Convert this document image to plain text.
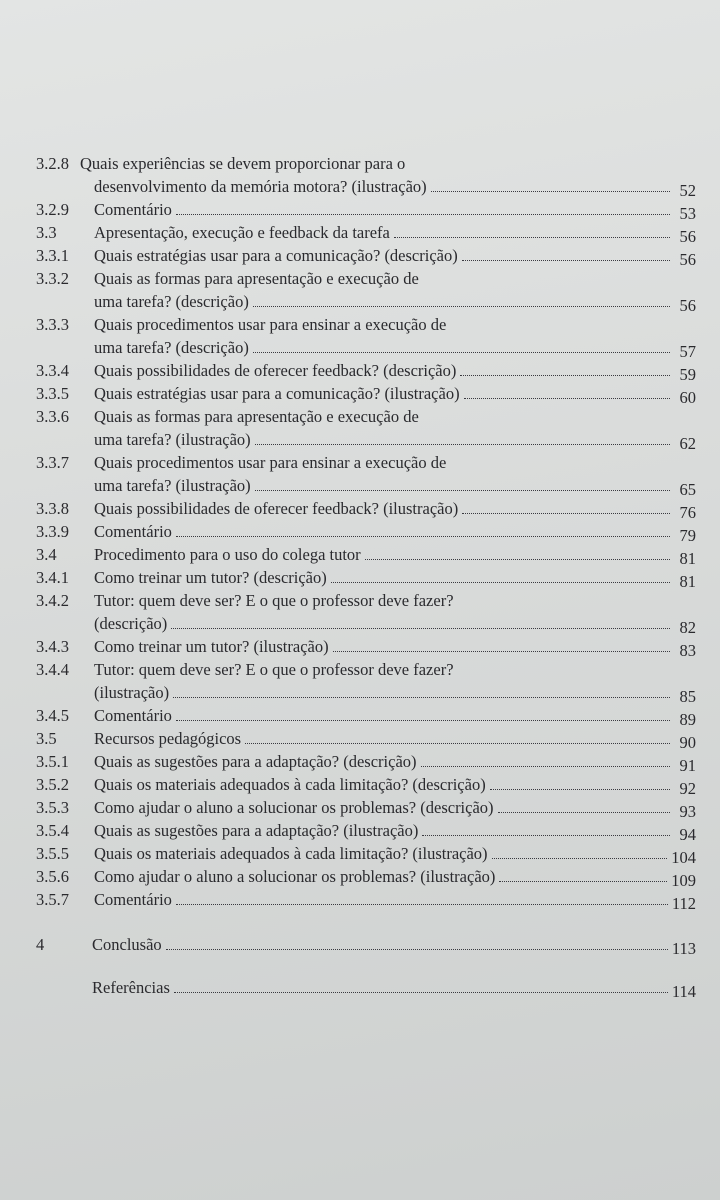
3.2.8 Quais experiências se devem proporcionar para o
desenvolvimento da memória motora? (ilustração)	52
3.2.9 Comentário	53
3.3 Apresentação, execução e feedback da tarefa	56
3.3.1 Quais estratégias usar para a comunicação? (descrição)	56
3.3.2 Quais as formas para apresentação e execução de
uma tarefa? (descrição)	56
3.3.3 Quais procedimentos usar para ensinar a execução de
uma tarefa? (descrição)	57
3.3.4 Quais possibilidades de oferecer feedback? (descrição)	59
3.3.5 Quais estratégias usar para a comunicação? (ilustração)	60
3.3.6 Quais as formas para apresentação e execução de
uma tarefa? (ilustração)	62
3.3.7 Quais procedimentos usar para ensinar a execução de
uma tarefa? (ilustração)	65
3.3.8 Quais possibilidades de oferecer feedback? (ilustração)	76
3.3.9 Comentário	79
3.4 Procedimento para o uso do colega tutor	81
3.4.1 Como treinar um tutor? (descrição)	81
3.4.2 Tutor: quem deve ser? E o que o professor deve fazer?
(descrição)	82
3.4.3 Como treinar um tutor? (ilustração)	83
3.4.4 Tutor: quem deve ser? E o que o professor deve fazer?
(ilustração)	85
3.4.5 Comentário	89
3.5 Recursos pedagógicos	90
3.5.1 Quais as sugestões para a adaptação? (descrição)	91
3.5.2 Quais os materiais adequados à cada limitação? (descrição)	92
3.5.3 Como ajudar o aluno a solucionar os problemas? (descrição)	93
3.5.4 Quais as sugestões para a adaptação? (ilustração)	94
3.5.5 Quais os materiais adequados à cada limitação? (ilustração)	104
3.5.6 Como ajudar o aluno a solucionar os problemas? (ilustração)	109
3.5.7 Comentário	112
4	Conclusão	113
Referências	114
